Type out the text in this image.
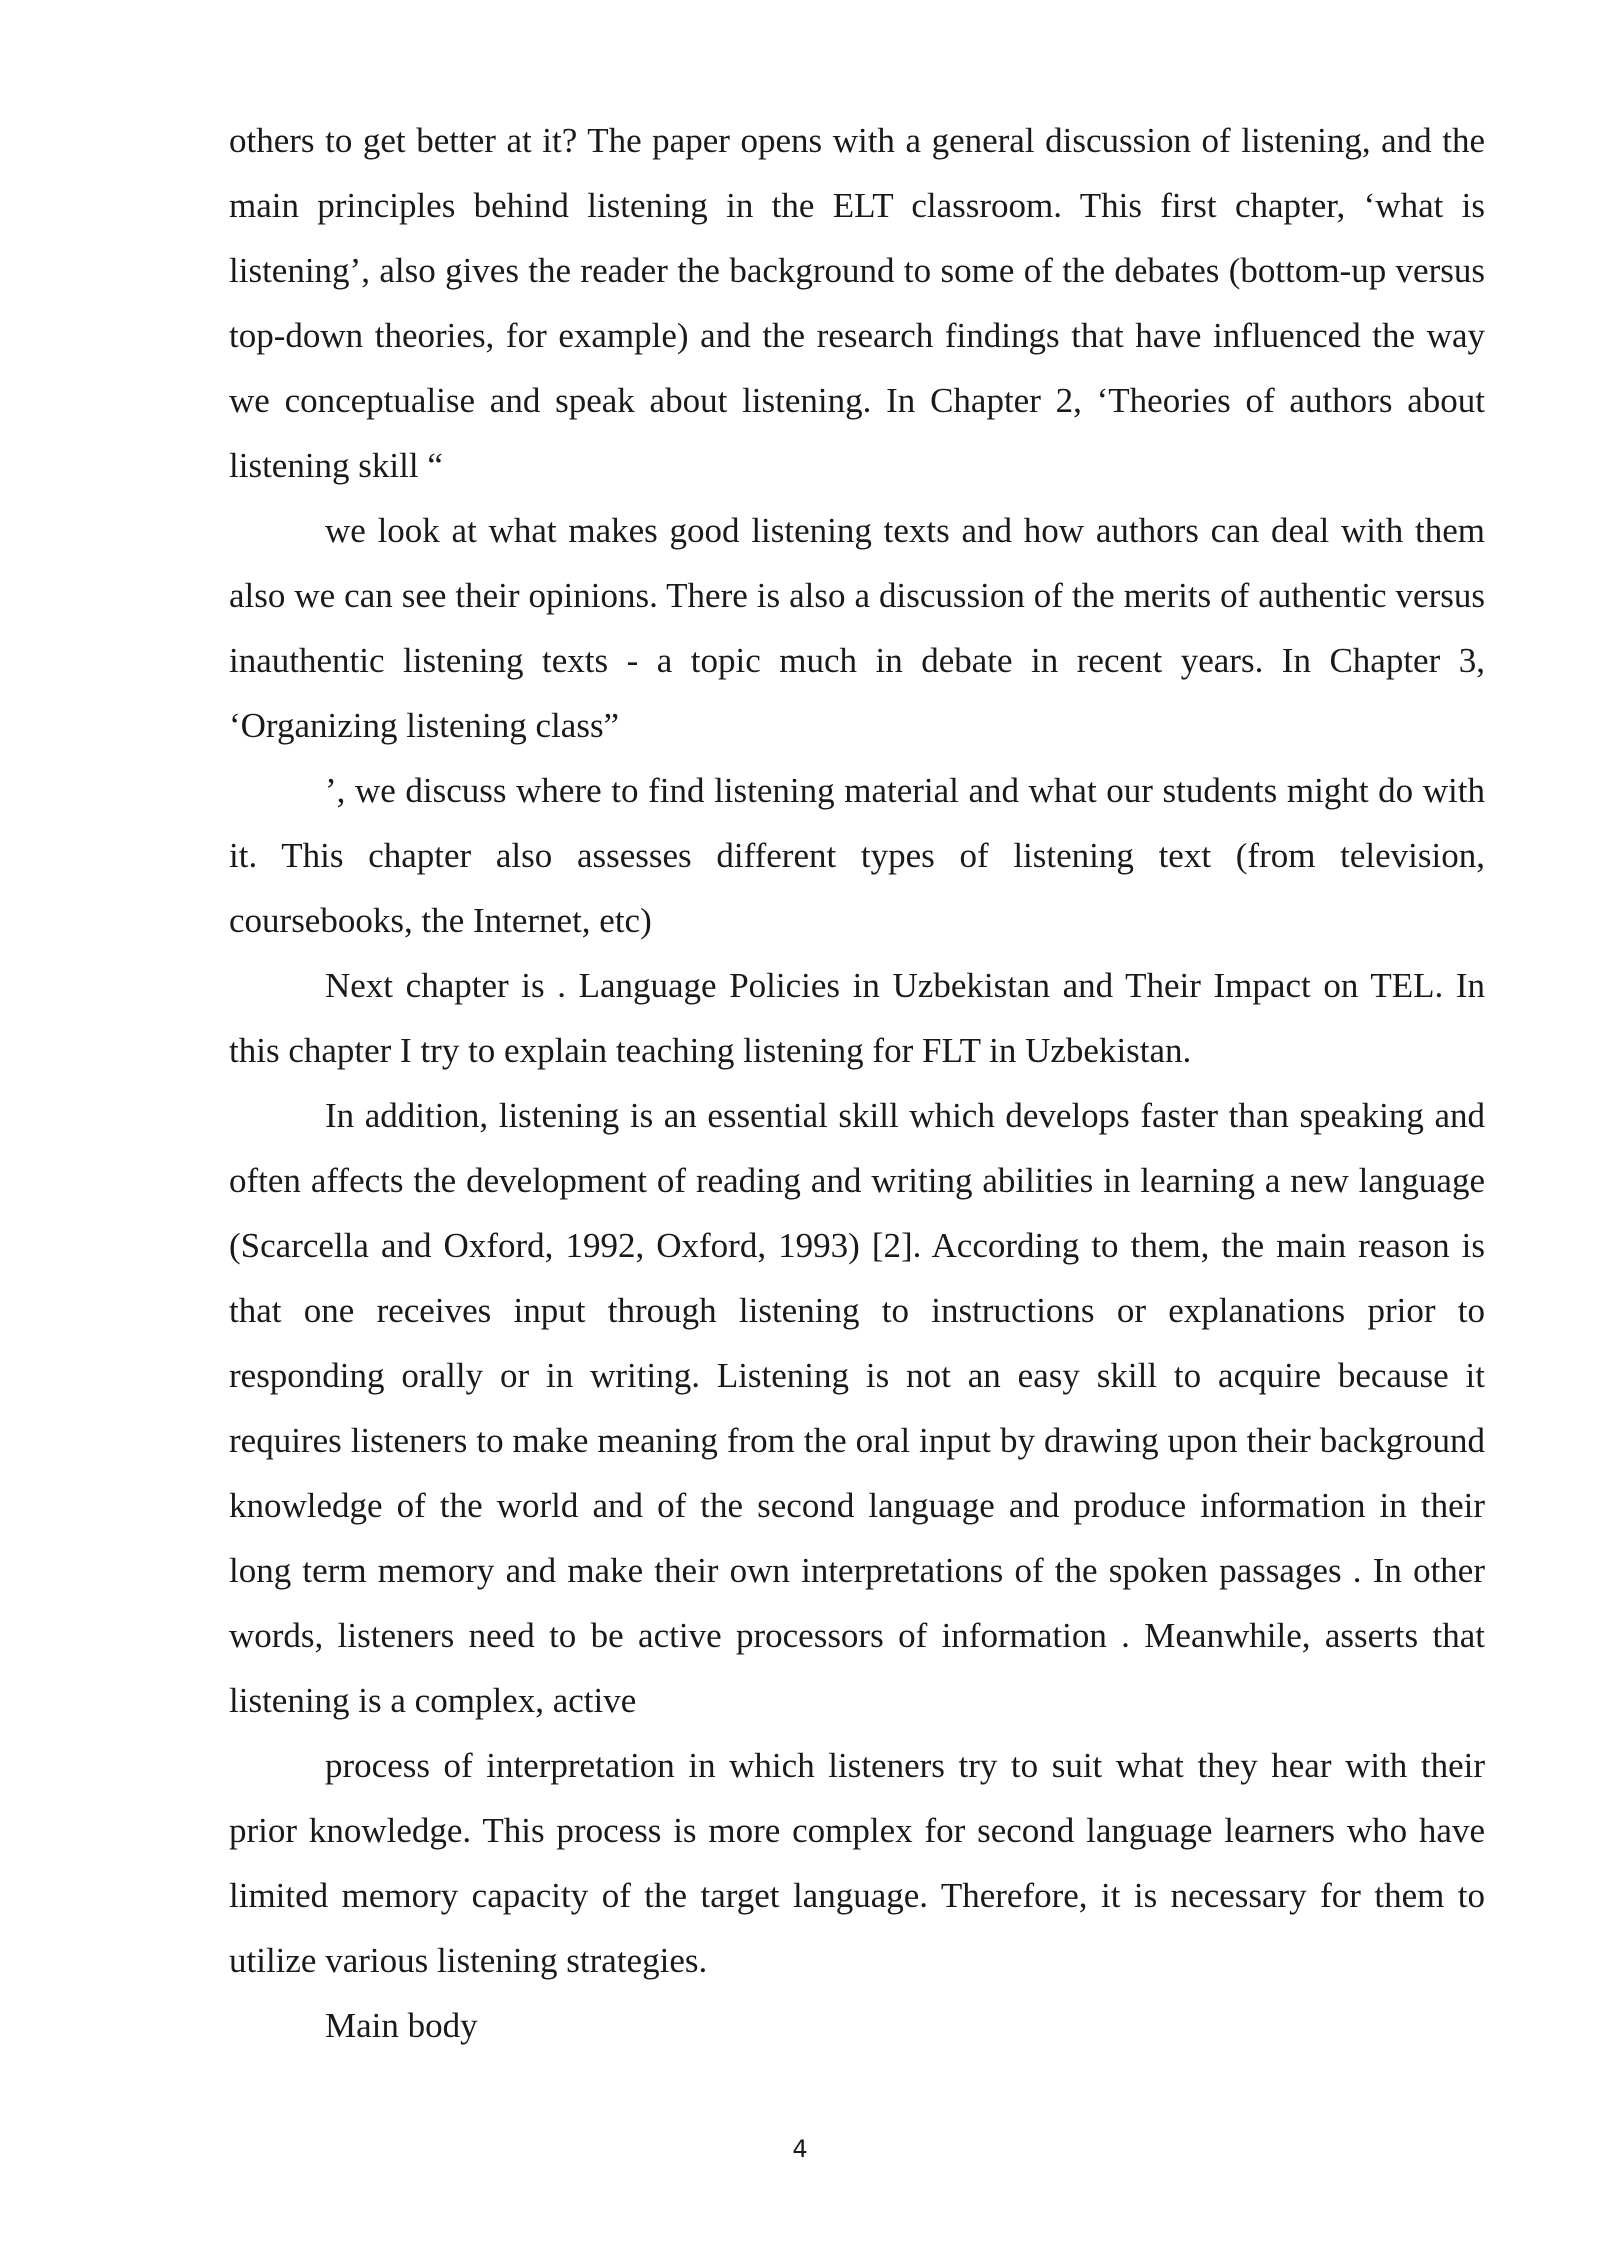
others to get better at it? The paper opens with a general discussion of listening, and the main principles behind listening in the ELT classroom. This first chapter, ‘what is listening’, also gives the reader the background to some of the debates (bottom-up versus top-down theories, for example) and the research findings that have influenced the way we conceptualise and speak about listening. In Chapter 2, ‘Theories of authors about listening skill “

we look at what makes good listening texts and how authors can deal with them also we can see their opinions. There is also a discussion of the merits of authentic versus inauthentic listening texts - a topic much in debate in recent years. In Chapter 3, ‘Organizing listening class”

’, we discuss where to find listening material and what our students might do with it. This chapter also assesses different types of listening text (from television, coursebooks, the Internet, etc)

Next chapter is . Language Policies in Uzbekistan and Their Impact on TEL. In this chapter I try to explain teaching listening for FLT in Uzbekistan.

In addition, listening is an essential skill which develops faster than speaking and often affects the development of reading and writing abilities in learning a new language (Scarcella and Oxford, 1992, Oxford, 1993) [2]. According to them, the main reason is that one receives input through listening to instructions or explanations prior to responding orally or in writing. Listening is not an easy skill to acquire because it requires listeners to make meaning from the oral input by drawing upon their background knowledge of the world and of the second language and produce information in their long term memory and make their own interpretations of the spoken passages . In other words, listeners need to be active processors of information . Meanwhile, asserts that listening is a complex, active

process of interpretation in which listeners try to suit what they hear with their prior knowledge. This process is more complex for second language learners who have limited memory capacity of the target language. Therefore, it is necessary for them to utilize various listening strategies.

Main body
4
